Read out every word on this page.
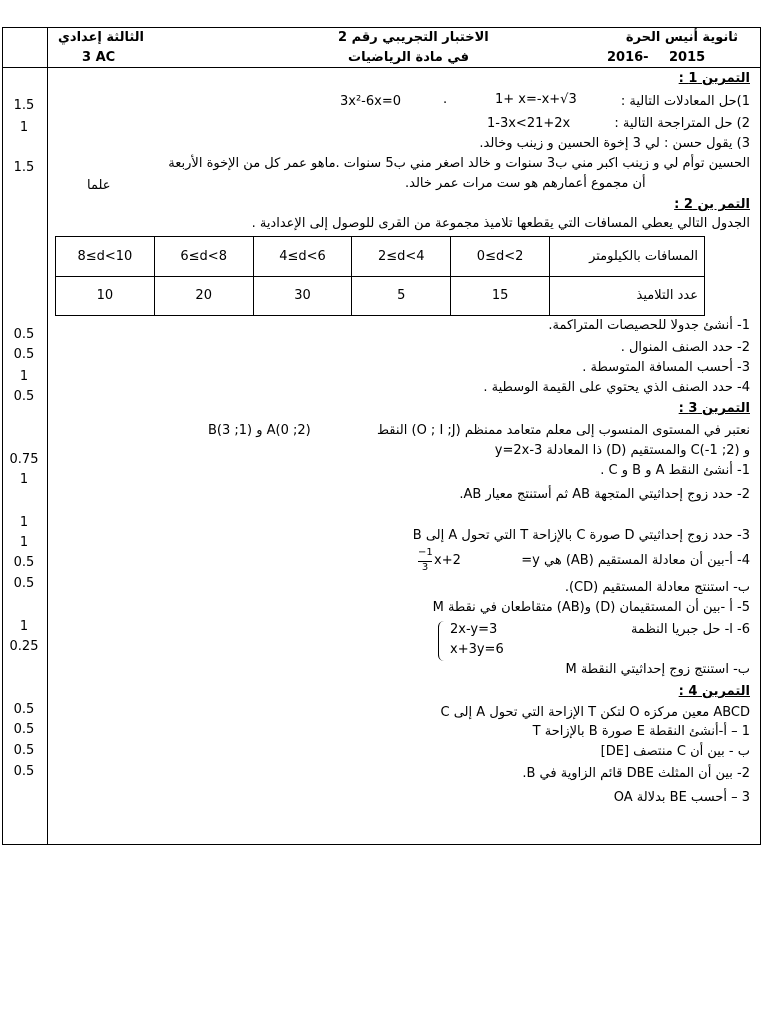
ثانوية أنيس الحرة
2016- 2015
الاختبار التجريبي رقم 2
في مادة الرياضيات
الثالثة إعدادي
3 AC
التمرين 1 :
1)حل المعادلات التالية :
1+ x=-x+√3
.
3x²-6x=0
2) حل المتراجحة التالية :
1-3x<21+2x
3) يقول حسن : لي 3 إخوة الحسين و زينب وخالد.
الحسين توأم لي و زينب اكبر مني ب3 سنوات و خالد اصغر مني ب5 سنوات .ماهو عمر كل من الإخوة الأربعة
علما	أن مجموع أعمارهم هو ست مرات عمر خالد.
التمر ين 2 :
الجدول التالي يعطي المسافات التي يقطعها تلاميذ مجموعة من القرى للوصول إلى الإعدادية .
8≤d<10	6≤d<8	4≤d<6	2≤d<4	0≤d<2	المسافات بالكيلومتر
10	20	30	5	15	عدد التلاميذ
1- أنشئ جدولا للحصيصات المتراكمة.
2- حدد الصنف المنوال .
3- أحسب المسافة المتوسطة .
4- حدد الصنف الذي يحتوي على القيمة الوسطية .
التمرين 3 :
نعتبر في المستوى المنسوب إلى معلم متعامد ممنظم (O ; I ;J) النقط
B(3 ;1) و A(0 ;2)
و C(-1 ;2) والمستقيم (D) ذا المعادلة y=2x-3
1- أنشئ النقط A و B و C .
2- حدد زوج إحداثيتي المتجهة AB ثم أستنتج معيار AB.
3- حدد زوج إحداثيتي D صورة C بالإزاحة T التي تحول A إلى B
4- أ-بين أن معادلة المستقيم (AB) هي y=
−1
3 x+2
ب- استنتج معادلة المستقيم (CD).
5- أ -بين أن المستقيمان (D) و(AB) متقاطعان في نقطة M
6- ا- حل جبريا النظمة
2x-y=3
x+3y=6
ب- استنتج زوج إحداثيتي النقطة M
التمرين 4 :
ABCD معين مركزه O لتكن T الإزاحة التي تحول A إلى C
1 – أ-أنشئ النقطة E صورة B بالإزاحة T
ب - بين أن C منتصف [DE]
2- بين أن المثلث DBE قائم الزاوية في B.
3 – أحسب BE بدلالة OA
1.5
1
1.5
0.5
0.5
1
0.5
0.75
1
1
1
0.5
0.5
1
0.25
0.5
0.5
0.5
0.5
